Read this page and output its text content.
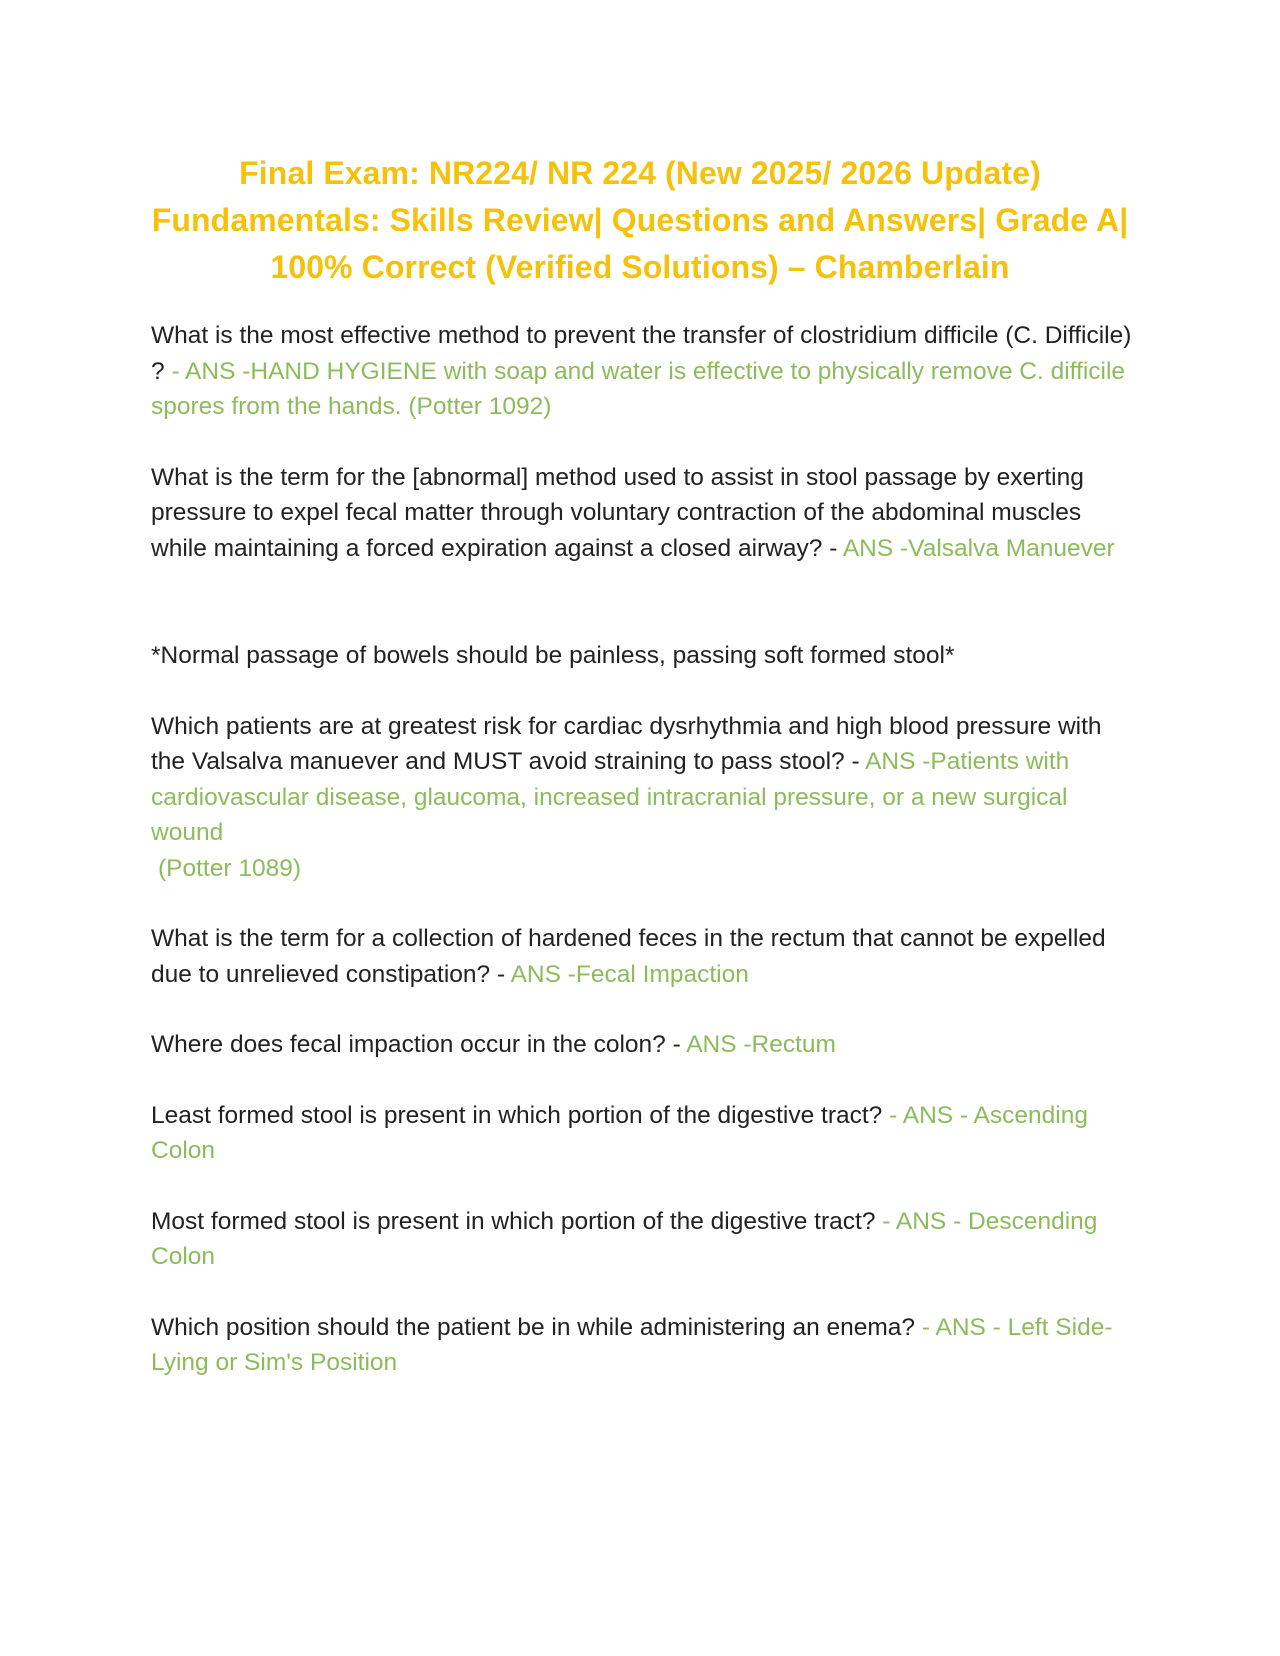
Final Exam: NR224/ NR 224 (New 2025/ 2026 Update) Fundamentals: Skills Review| Questions and Answers| Grade A| 100% Correct (Verified Solutions) – Chamberlain

What is the most effective method to prevent the transfer of clostridium difficile (C. Difficile) ? - ANS -HAND HYGIENE with soap and water is effective to physically remove C. difficile spores from the hands. (Potter 1092)

What is the term for the [abnormal] method used to assist in stool passage by exerting pressure to expel fecal matter through voluntary contraction of the abdominal muscles while maintaining a forced expiration against a closed airway? - ANS -Valsalva Manuever

*Normal passage of bowels should be painless, passing soft formed stool*

Which patients are at greatest risk for cardiac dysrhythmia and high blood pressure with the Valsalva manuever and MUST avoid straining to pass stool? - ANS -Patients with cardiovascular disease, glaucoma, increased intracranial pressure, or a new surgical wound
(Potter 1089)

What is the term for a collection of hardened feces in the rectum that cannot be expelled due to unrelieved constipation? - ANS -Fecal Impaction

Where does fecal impaction occur in the colon? - ANS -Rectum

Least formed stool is present in which portion of the digestive tract? - ANS - Ascending Colon

Most formed stool is present in which portion of the digestive tract? - ANS - Descending Colon

Which position should the patient be in while administering an enema? - ANS - Left Side-Lying or Sim's Position
